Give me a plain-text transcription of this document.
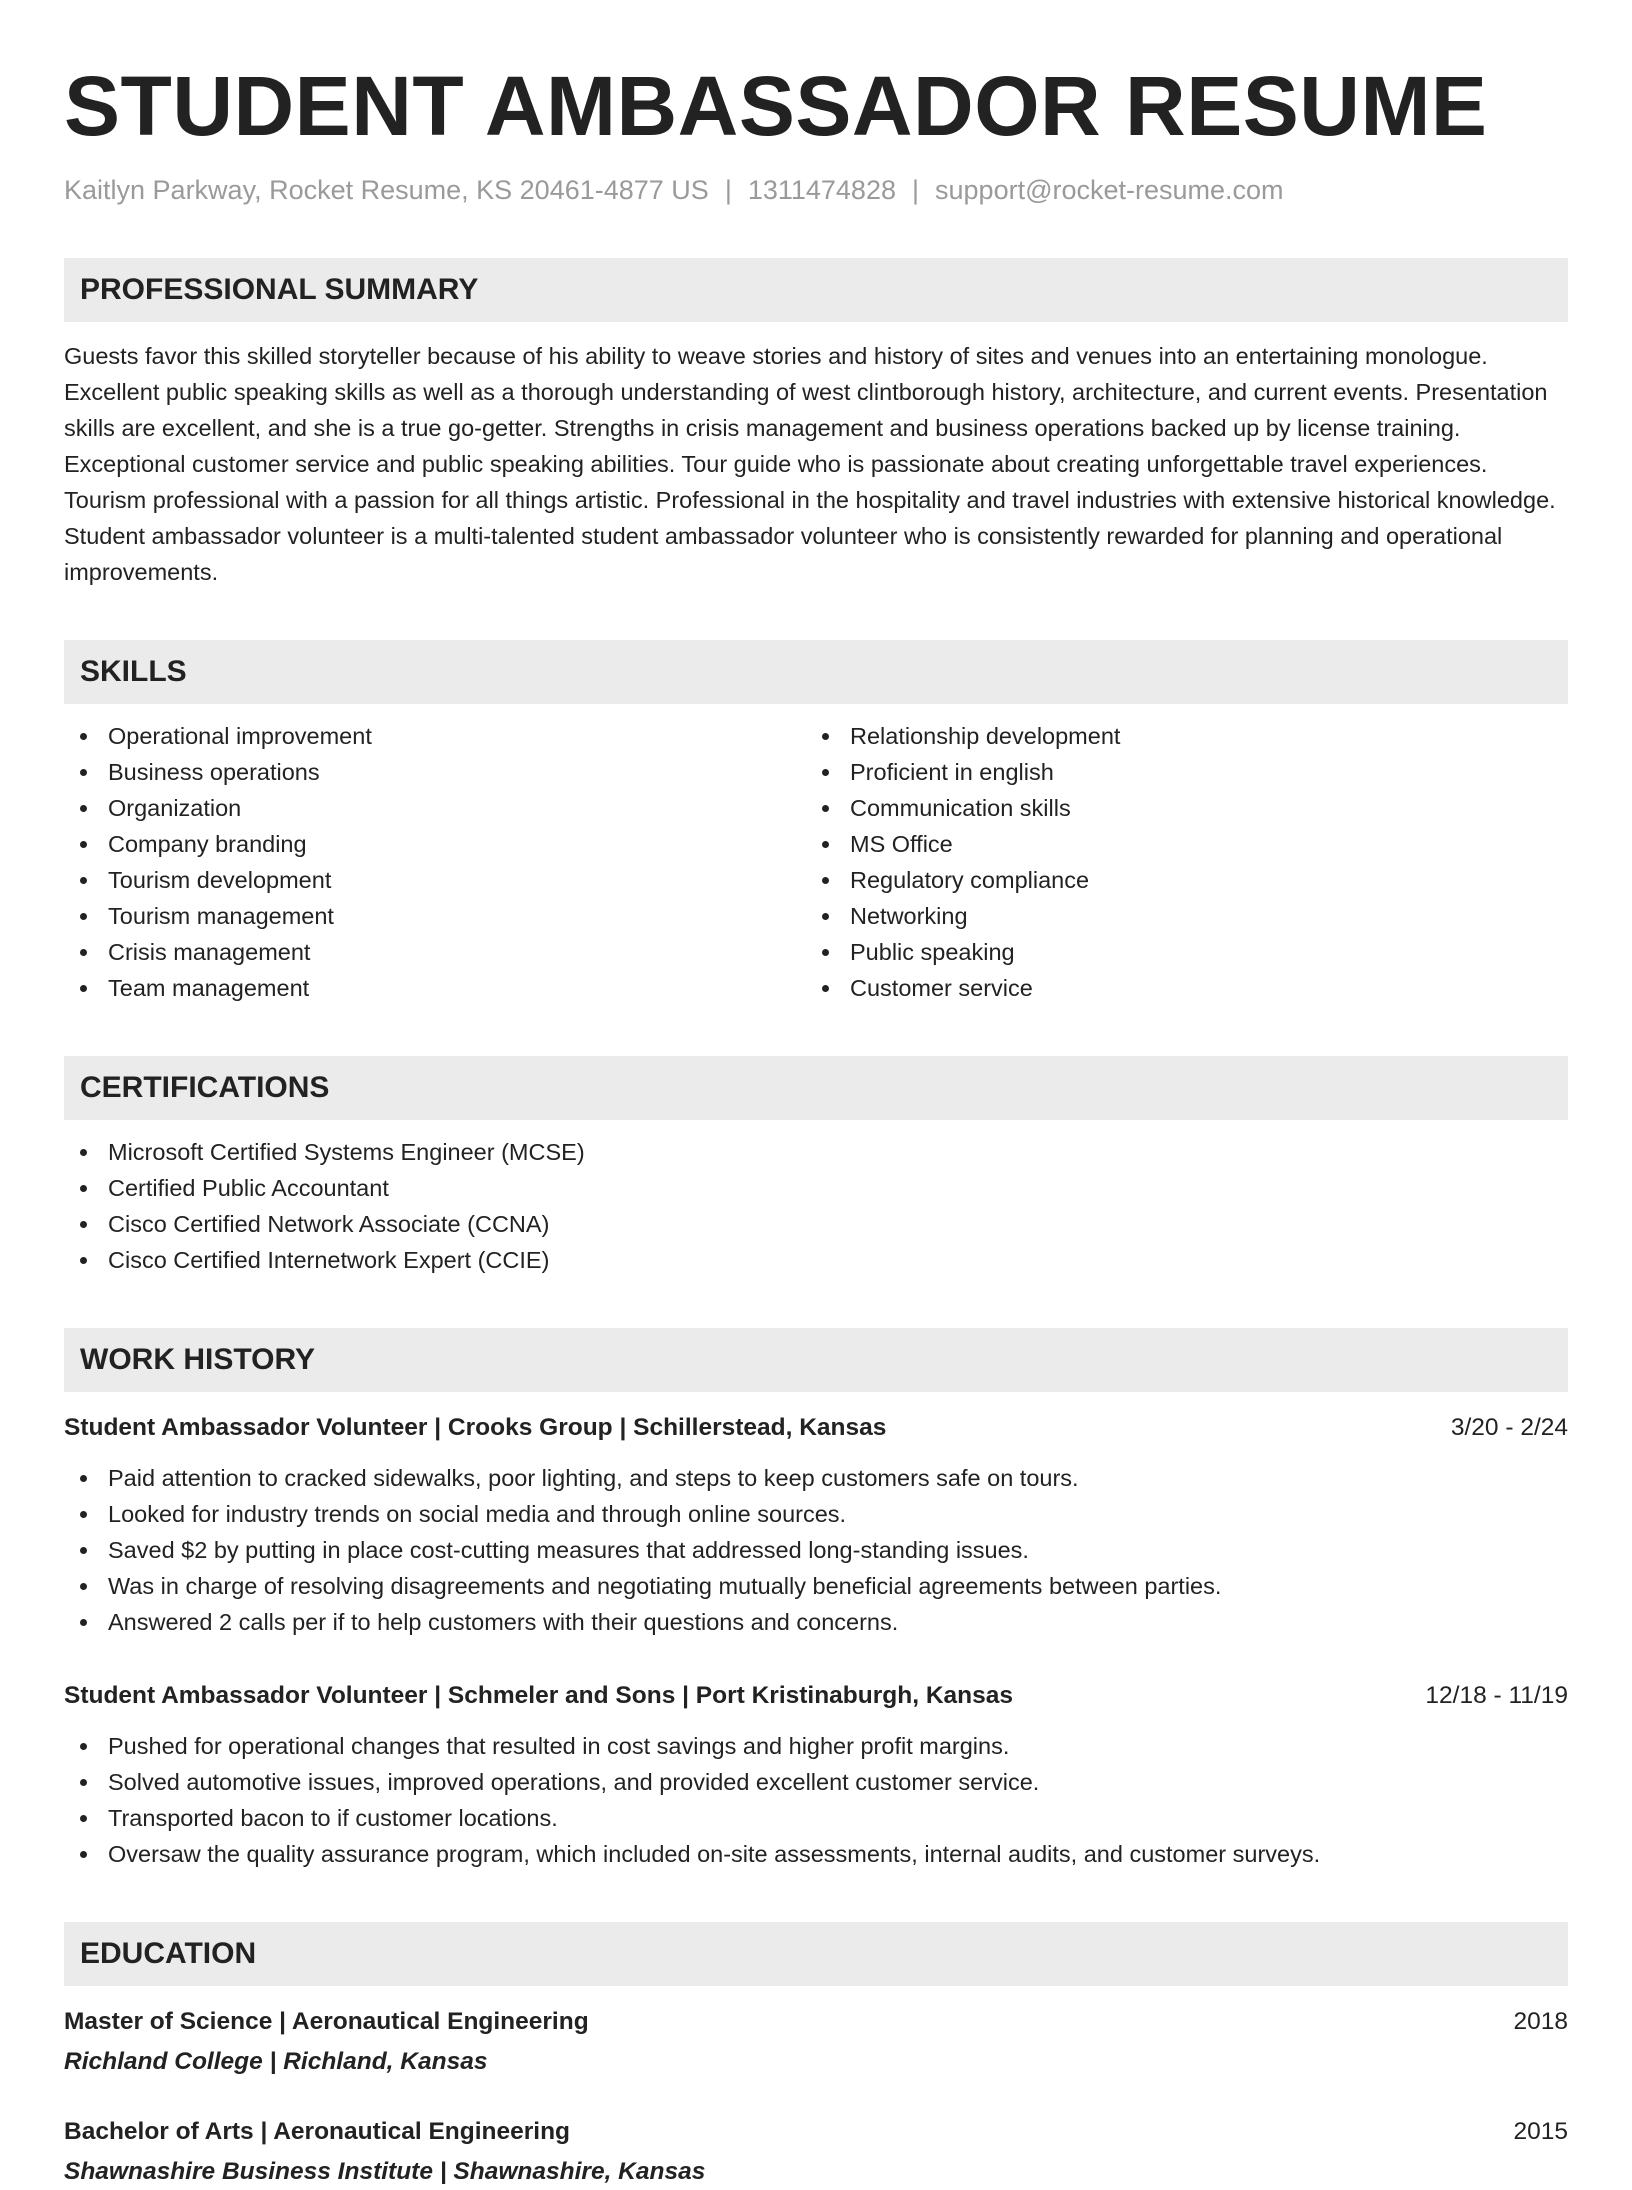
STUDENT AMBASSADOR RESUME
Kaitlyn Parkway, Rocket Resume, KS 20461-4877 US | 1311474828 | support@rocket-resume.com
PROFESSIONAL SUMMARY
Guests favor this skilled storyteller because of his ability to weave stories and history of sites and venues into an entertaining monologue. Excellent public speaking skills as well as a thorough understanding of west clintborough history, architecture, and current events. Presentation skills are excellent, and she is a true go-getter. Strengths in crisis management and business operations backed up by license training. Exceptional customer service and public speaking abilities. Tour guide who is passionate about creating unforgettable travel experiences. Tourism professional with a passion for all things artistic. Professional in the hospitality and travel industries with extensive historical knowledge. Student ambassador volunteer is a multi-talented student ambassador volunteer who is consistently rewarded for planning and operational improvements.
SKILLS
Operational improvement
Business operations
Organization
Company branding
Tourism development
Tourism management
Crisis management
Team management
Relationship development
Proficient in english
Communication skills
MS Office
Regulatory compliance
Networking
Public speaking
Customer service
CERTIFICATIONS
Microsoft Certified Systems Engineer (MCSE)
Certified Public Accountant
Cisco Certified Network Associate (CCNA)
Cisco Certified Internetwork Expert (CCIE)
WORK HISTORY
Student Ambassador Volunteer | Crooks Group | Schillerstead, Kansas	3/20 - 2/24
Paid attention to cracked sidewalks, poor lighting, and steps to keep customers safe on tours.
Looked for industry trends on social media and through online sources.
Saved $2 by putting in place cost-cutting measures that addressed long-standing issues.
Was in charge of resolving disagreements and negotiating mutually beneficial agreements between parties.
Answered 2 calls per if to help customers with their questions and concerns.
Student Ambassador Volunteer | Schmeler and Sons | Port Kristinaburgh, Kansas	12/18 - 11/19
Pushed for operational changes that resulted in cost savings and higher profit margins.
Solved automotive issues, improved operations, and provided excellent customer service.
Transported bacon to if customer locations.
Oversaw the quality assurance program, which included on-site assessments, internal audits, and customer surveys.
EDUCATION
Master of Science | Aeronautical Engineering	2018
Richland College | Richland, Kansas
Bachelor of Arts | Aeronautical Engineering	2015
Shawnashire Business Institute | Shawnashire, Kansas
